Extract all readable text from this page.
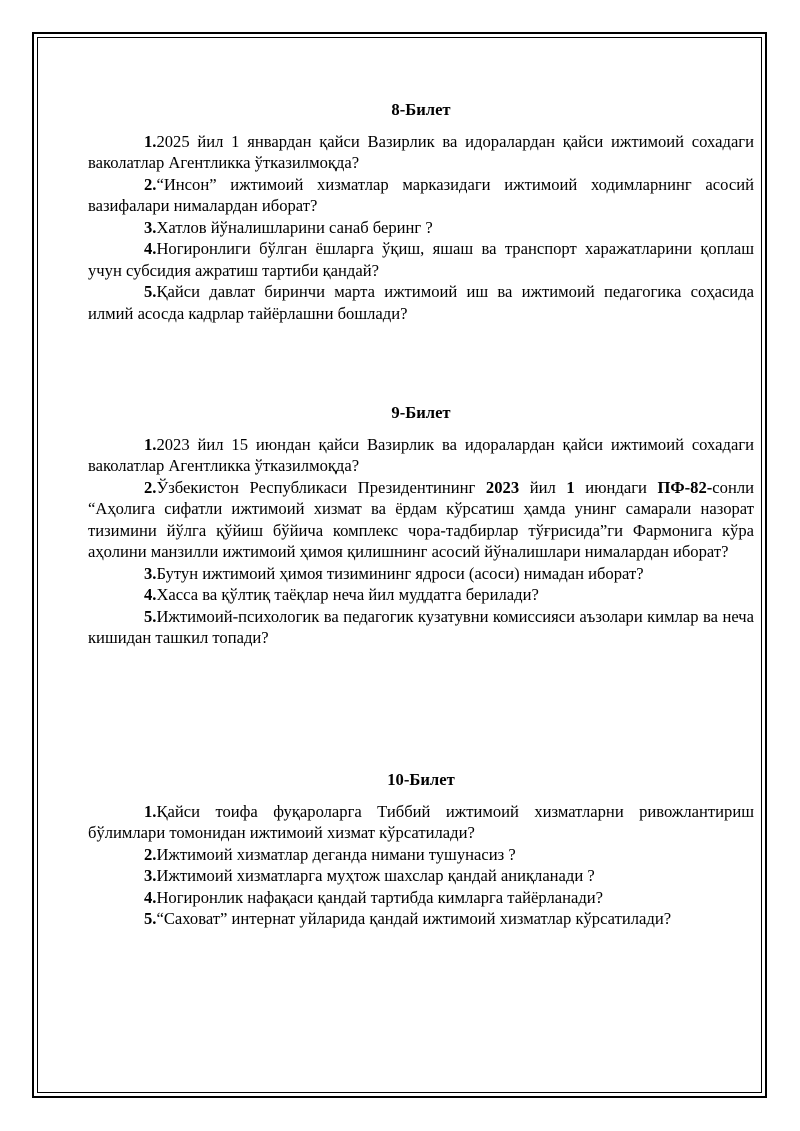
8-Билет

1.2025 йил 1 январдан қайси Вазирлик ва идоралардан қайси ижтимоий сохадаги ваколатлар Агентликка ўтказилмоқда?

2.“Инсон” ижтимоий хизматлар марказидаги ижтимоий ходимларнинг асосий вазифалари нималардан иборат?

3.Хатлов йўналишларини санаб беринг ?

4.Ногиронлиги бўлган ёшларга ўқиш, яшаш ва транспорт харажатларини қоплаш учун субсидия ажратиш тартиби қандай?

5.Қайси давлат биринчи марта ижтимоий иш ва ижтимоий педагогика соҳасида илмий асосда кадрлар тайёрлашни бошлади?

9-Билет

1.2023 йил 15 июндан қайси Вазирлик ва идоралардан қайси ижтимоий сохадаги ваколатлар Агентликка ўтказилмоқда?

2.Ўзбекистон Республикаси Президентининг 2023 йил 1 июндаги ПФ-82-сонли “Аҳолига сифатли ижтимоий хизмат ва ёрдам кўрсатиш ҳамда унинг самарали назорат тизимини йўлга қўйиш бўйича комплекс чора-тадбирлар тўғрисида”ги Фармонига кўра аҳолини манзилли ижтимоий ҳимоя қилишнинг асосий йўналишлари нималардан иборат?

3.Бутун ижтимоий ҳимоя тизимининг ядроси (асоси) нимадан иборат?

4.Хасса ва қўлтиқ таёқлар неча йил муддатга берилади?

5.Ижтимоий-психологик ва педагогик кузатувни комиссияси аъзолари кимлар ва неча кишидан ташкил топади?

10-Билет

1.Қайси тоифа фуқароларга Тиббий ижтимоий хизматларни ривожлантириш бўлимлари томонидан ижтимоий хизмат кўрсатилади?

2.Ижтимоий хизматлар деганда нимани тушунасиз ?

3.Ижтимоий хизматларга муҳтож шахслар қандай аниқланади ?

4.Ногиронлик нафақаси қандай тартибда кимларга тайёрланади?

5.“Саховат” интернат уйларида қандай ижтимоий хизматлар кўрсатилади?
